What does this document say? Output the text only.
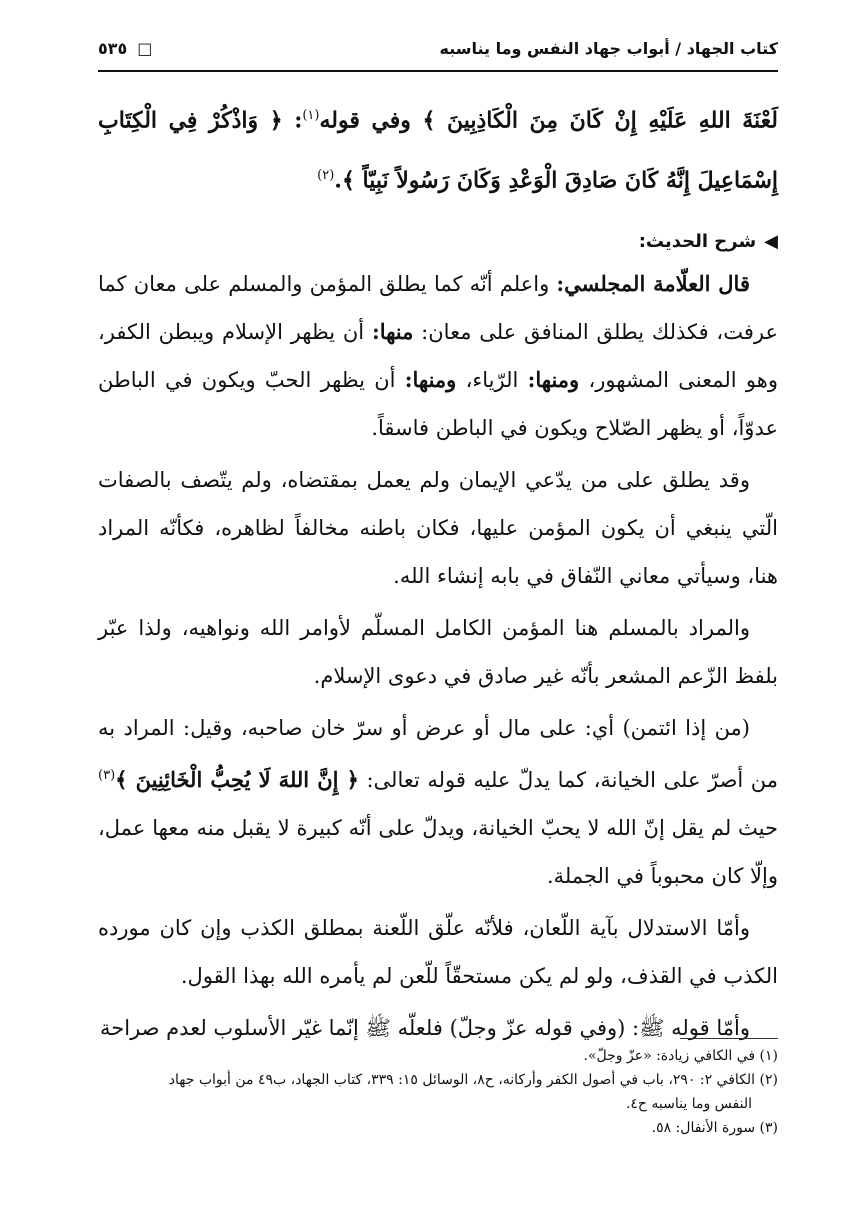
كتاب الجهاد / أبواب جهاد النفس وما يناسبه
□
٥٣٥

لَعْنَةَ اللهِ عَلَيْهِ إِنْ كَانَ مِنَ الْكَاذِبِينَ ﴾ وفي قوله$^{(١)}$: ﴿ وَاذْكُرْ فِي الْكِتَابِ إِسْمَاعِيلَ إِنَّهُ كَانَ صَادِقَ الْوَعْدِ وَكَانَ رَسُولاً نَبِيّاً ﴾.$^{(٢)}$

◀
شرح الحديث:

قال العلّامة المجلسي: واعلم أنّه كما يطلق المؤمن والمسلم على معان كما عرفت، فكذلك يطلق المنافق على معان: منها: أن يظهر الإسلام ويبطن الكفر، وهو المعنى المشهور، ومنها: الرّياء، ومنها: أن يظهر الحبّ ويكون في الباطن عدوّاً، أو يظهر الصّلاح ويكون في الباطن فاسقاً.

وقد يطلق على من يدّعي الإيمان ولم يعمل بمقتضاه، ولم يتّصف بالصفات الّتي ينبغي أن يكون المؤمن عليها، فكان باطنه مخالفاً لظاهره، فكأنّه المراد هنا، وسيأتي معاني النّفاق في بابه إنشاء الله.

والمراد بالمسلم هنا المؤمن الكامل المسلّم لأوامر الله ونواهيه، ولذا عبّر بلفظ الزّعم المشعر بأنّه غير صادق في دعوى الإسلام.

(من إذا ائتمن) أي: على مال أو عرض أو سرّ خان صاحبه، وقيل: المراد به من أصرّ على الخيانة، كما يدلّ عليه قوله تعالى: ﴿ إِنَّ اللهَ لَا يُحِبُّ الْخَائِنِينَ ﴾$^{(٣)}$ حيث لم يقل إنّ الله لا يحبّ الخيانة، ويدلّ على أنّه كبيرة لا يقبل منه معها عمل، وإلّا كان محبوباً في الجملة.

وأمّا الاستدلال بآية اللّعان، فلأنّه علّق اللّعنة بمطلق الكذب وإن كان مورده الكذب في القذف، ولو لم يكن مستحقّاً للّعن لم يأمره الله بهذا القول.

وأمّا قوله ﷺ: (وفي قوله عزّ وجلّ) فلعلّه ﷺ إنّما غيّر الأسلوب لعدم صراحة

(١) في الكافي زيادة: «عزّ وجلّ».

(٢) الكافي ٢: ٢٩٠، باب في أصول الكفر وأركانه، ح٨، الوسائل ١٥: ٣٣٩، كتاب الجهاد، ب٤٩ من أبواب جهاد

النفس وما يناسبه ح٤.

(٣) سورة الأنفال: ٥٨.
